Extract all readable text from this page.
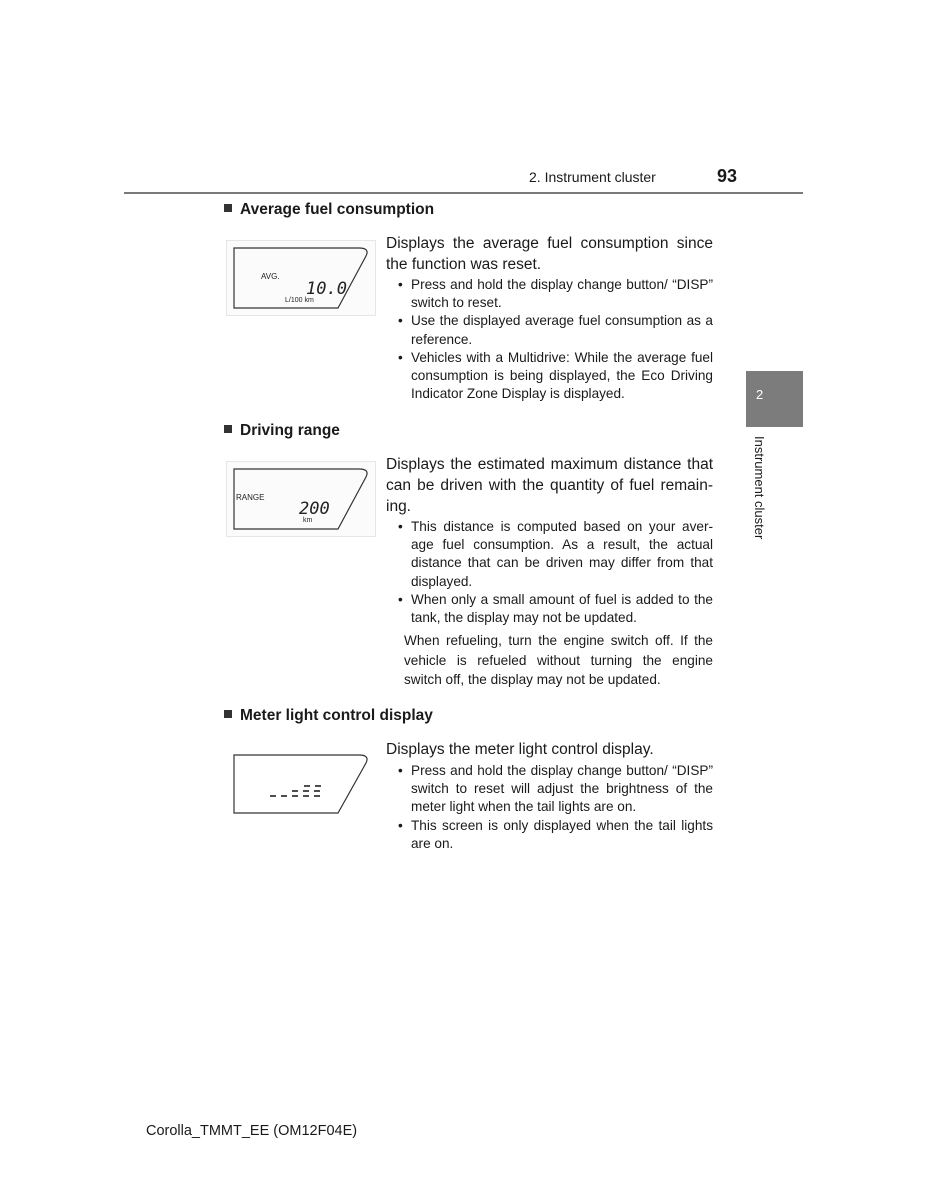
2. Instrument cluster	93
2
Instrument cluster
Average fuel consumption
AVG.
10.0
L/100 km
Displays the average fuel consumption since the function was reset.
• Press and hold the display change button/ “DISP” switch to reset.
• Use the displayed average fuel consumption as a reference.
• Vehicles with a Multidrive: While the average fuel consumption is being displayed, the Eco Driving Indicator Zone Display is displayed.
Driving range
RANGE
200
km
Displays the estimated maximum distance that can be driven with the quantity of fuel remain-ing.
• This distance is computed based on your aver-age fuel consumption. As a result, the actual distance that can be driven may differ from that displayed.
• When only a small amount of fuel is added to the tank, the display may not be updated.
When refueling, turn the engine switch off. If the vehicle is refueled without turning the engine switch off, the display may not be updated.
Meter light control display
Displays the meter light control display.
• Press and hold the display change button/ “DISP” switch to reset will adjust the brightness of the meter light when the tail lights are on.
• This screen is only displayed when the tail lights are on.
Corolla_TMMT_EE (OM12F04E)
